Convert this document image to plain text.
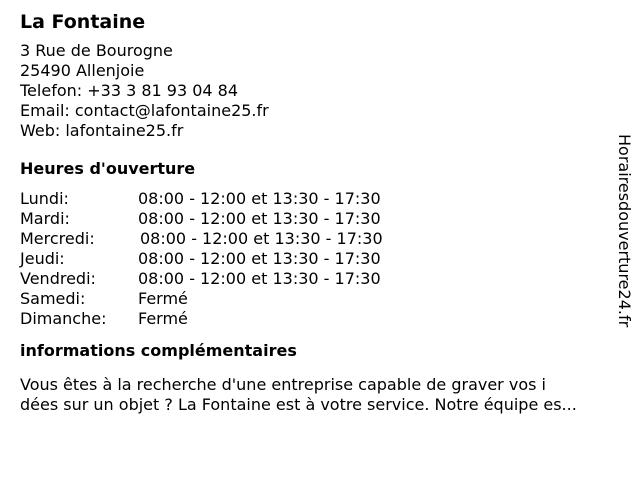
La Fontaine
3 Rue de Bourogne
25490 Allenjoie
Telefon: +33 3 81 93 04 84
Email: contact@lafontaine25.fr
Web: lafontaine25.fr
Heures d'ouverture
Lundi:	08:00 - 12:00 et 13:30 - 17:30
Mardi:	08:00 - 12:00 et 13:30 - 17:30
Mercredi:	08:00 - 12:00 et 13:30 - 17:30
Jeudi:	08:00 - 12:00 et 13:30 - 17:30
Vendredi:	08:00 - 12:00 et 13:30 - 17:30
Samedi:	Fermé
Dimanche:	Fermé
informations complémentaires
Vous êtes à la recherche d'une entreprise capable de graver vos i
dées sur un objet ? La Fontaine est à votre service. Notre équipe es...
Horairesdouverture24.fr
